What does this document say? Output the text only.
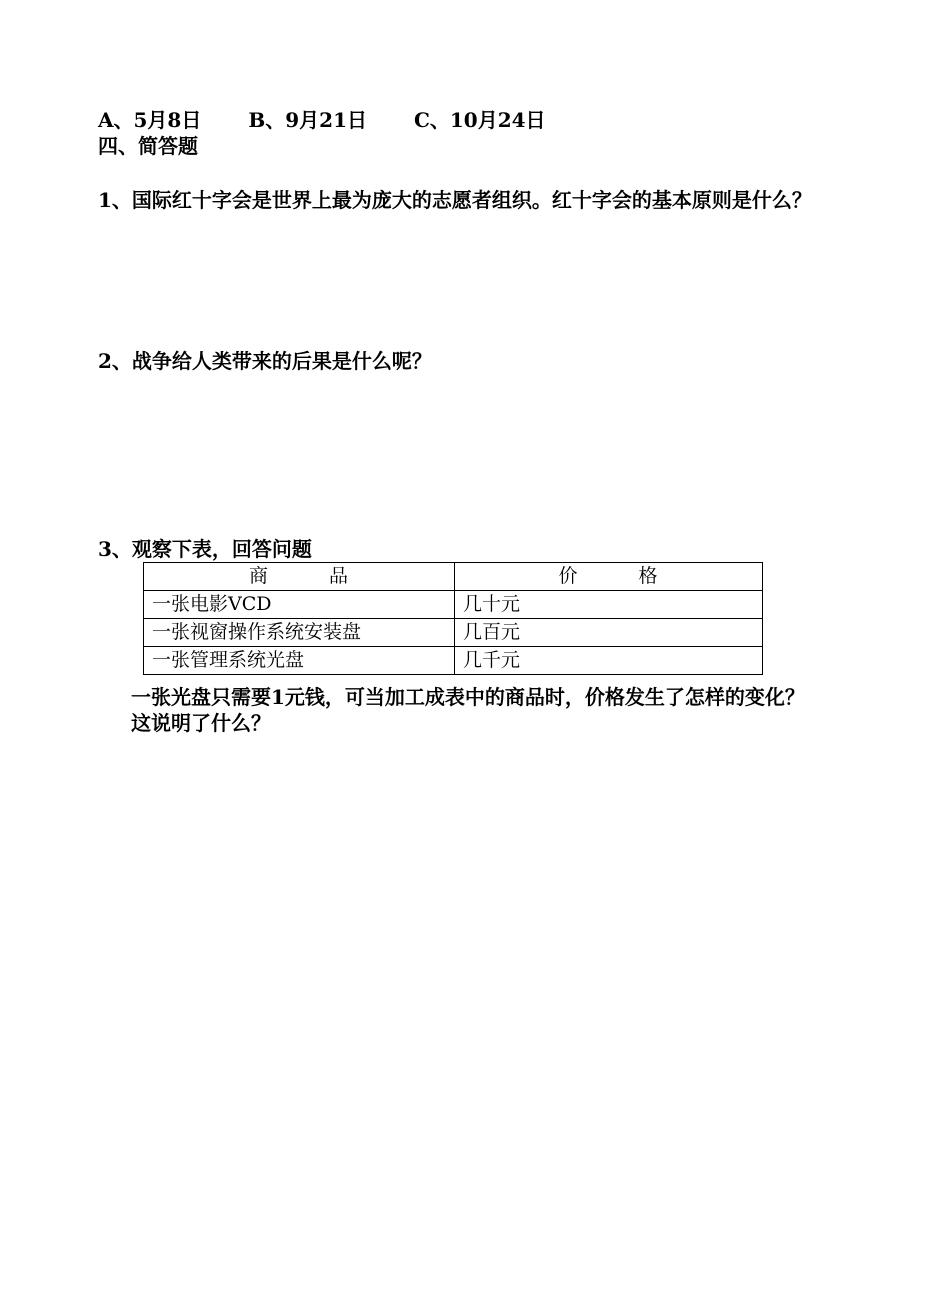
A、5月8日 B、9月21日 C、10月24日
四、简答题
1、国际红十字会是世界上最为庞大的志愿者组织。红十字会的基本原则是什么？
2、战争给人类带来的后果是什么呢？
3、观察下表，回答问题
商 品	价 格
一张电影VCD	几十元
一张视窗操作系统安装盘	几百元
一张管理系统光盘	几千元
一张光盘只需要1元钱，可当加工成表中的商品时，价格发生了怎样的变化？
这说明了什么？
